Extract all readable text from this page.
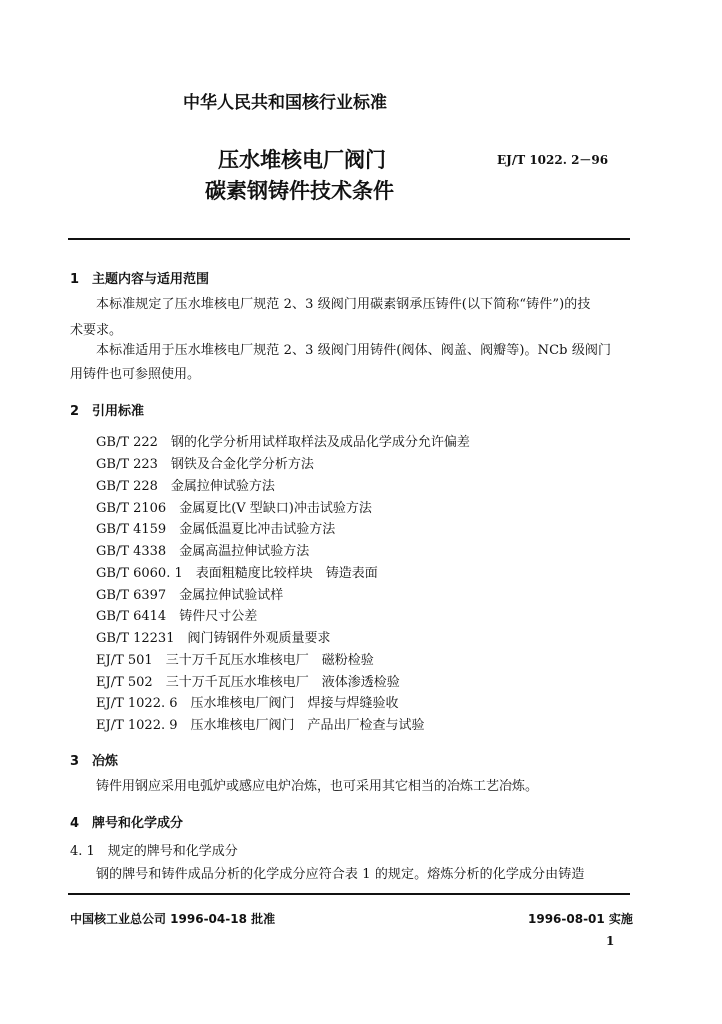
中华人民共和国核行业标准
压水堆核电厂阀门
碳素钢铸件技术条件
EJ/T 1022. 2－96
1　主题内容与适用范围
本标准规定了压水堆核电厂规范 2、3 级阀门用碳素钢承压铸件(以下简称“铸件”)的技
术要求。
本标准适用于压水堆核电厂规范 2、3 级阀门用铸件(阀体、阀盖、阀瓣等)。NCb 级阀门
用铸件也可参照使用。
2　引用标准
GB/T 222　钢的化学分析用试样取样法及成品化学成分允许偏差
GB/T 223　钢铁及合金化学分析方法
GB/T 228　金属拉伸试验方法
GB/T 2106　金属夏比(V 型缺口)冲击试验方法
GB/T 4159　金属低温夏比冲击试验方法
GB/T 4338　金属高温拉伸试验方法
GB/T 6060. 1　表面粗糙度比较样块　铸造表面
GB/T 6397　金属拉伸试验试样
GB/T 6414　铸件尺寸公差
GB/T 12231　阀门铸钢件外观质量要求
EJ/T 501　三十万千瓦压水堆核电厂　磁粉检验
EJ/T 502　三十万千瓦压水堆核电厂　液体渗透检验
EJ/T 1022. 6　压水堆核电厂阀门　焊接与焊缝验收
EJ/T 1022. 9　压水堆核电厂阀门　产品出厂检查与试验
3　冶炼
铸件用钢应采用电弧炉或感应电炉冶炼，也可采用其它相当的冶炼工艺冶炼。
4　牌号和化学成分
4. 1　规定的牌号和化学成分
钢的牌号和铸件成品分析的化学成分应符合表 1 的规定。熔炼分析的化学成分由铸造
中国核工业总公司 1996-04-18 批准	1996-08-01 实施
1
